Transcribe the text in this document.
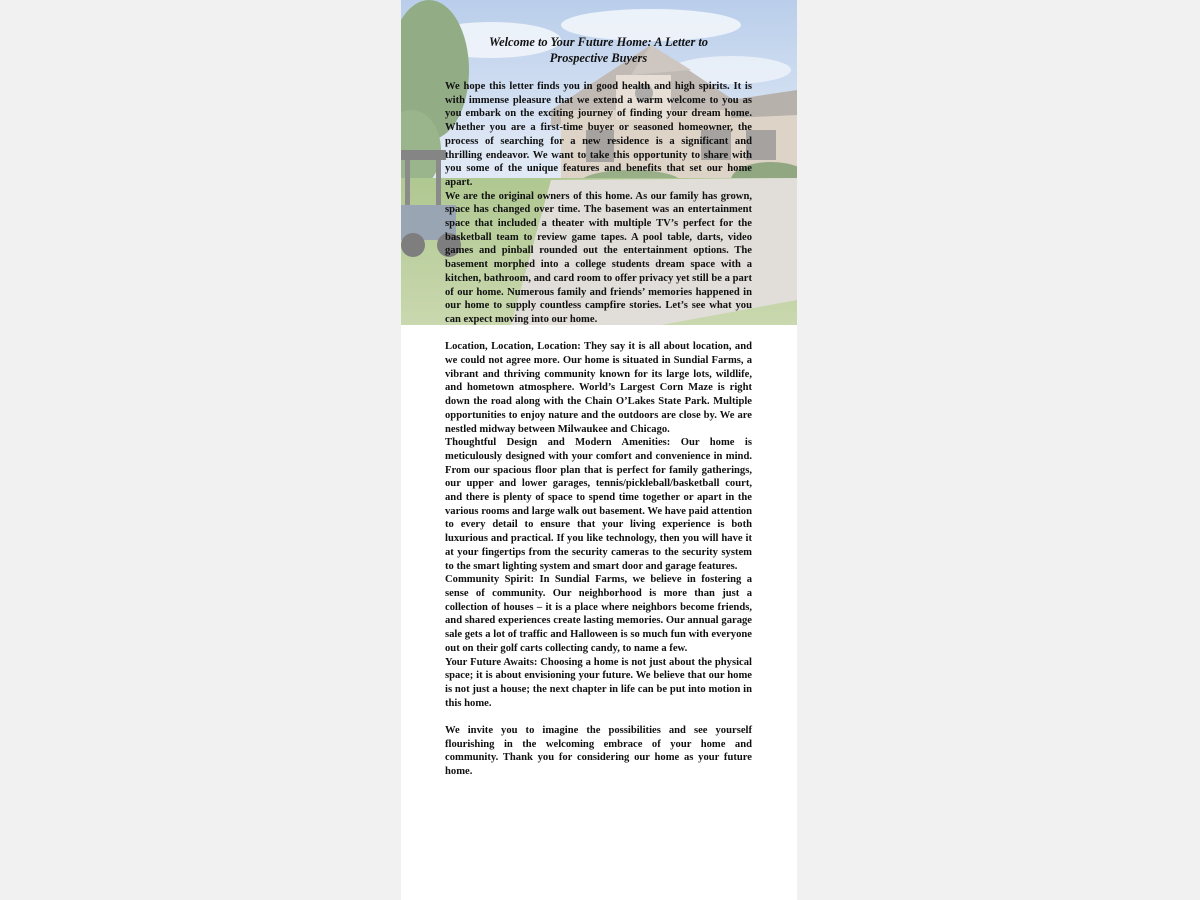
Welcome to Your Future Home: A Letter to Prospective Buyers

We hope this letter finds you in good health and high spirits. It is with immense pleasure that we extend a warm welcome to you as you embark on the exciting journey of finding your dream home. Whether you are a first-time buyer or seasoned homeowner, the process of searching for a new residence is a significant and thrilling endeavor. We want to take this opportunity to share with you some of the unique features and benefits that set our home apart.

We are the original owners of this home. As our family has grown, space has changed over time. The basement was an entertainment space that included a theater with multiple TV’s perfect for the basketball team to review game tapes. A pool table, darts, video games and pinball rounded out the entertainment options. The basement morphed into a college students dream space with a kitchen, bathroom, and card room to offer privacy yet still be a part of our home. Numerous family and friends’ memories happened in our home to supply countless campfire stories. Let’s see what you can expect moving into our home.

Location, Location, Location: They say it is all about location, and we could not agree more. Our home is situated in Sundial Farms, a vibrant and thriving community known for its large lots, wildlife, and hometown atmosphere. World’s Largest Corn Maze is right down the road along with the Chain O’Lakes State Park. Multiple opportunities to enjoy nature and the outdoors are close by. We are nestled midway between Milwaukee and Chicago.

Thoughtful Design and Modern Amenities: Our home is meticulously designed with your comfort and convenience in mind. From our spacious floor plan that is perfect for family gatherings, our upper and lower garages, tennis/pickleball/basketball court, and there is plenty of space to spend time together or apart in the various rooms and large walk out basement. We have paid attention to every detail to ensure that your living experience is both luxurious and practical. If you like technology, then you will have it at your fingertips from the security cameras to the security system to the smart lighting system and smart door and garage features.

Community Spirit: In Sundial Farms, we believe in fostering a sense of community. Our neighborhood is more than just a collection of houses – it is a place where neighbors become friends, and shared experiences create lasting memories. Our annual garage sale gets a lot of traffic and Halloween is so much fun with everyone out on their golf carts collecting candy, to name a few.

Your Future Awaits: Choosing a home is not just about the physical space; it is about envisioning your future. We believe that our home is not just a house; the next chapter in life can be put into motion in this home.

We invite you to imagine the possibilities and see yourself flourishing in the welcoming embrace of your home and community. Thank you for considering our home as your future home.
